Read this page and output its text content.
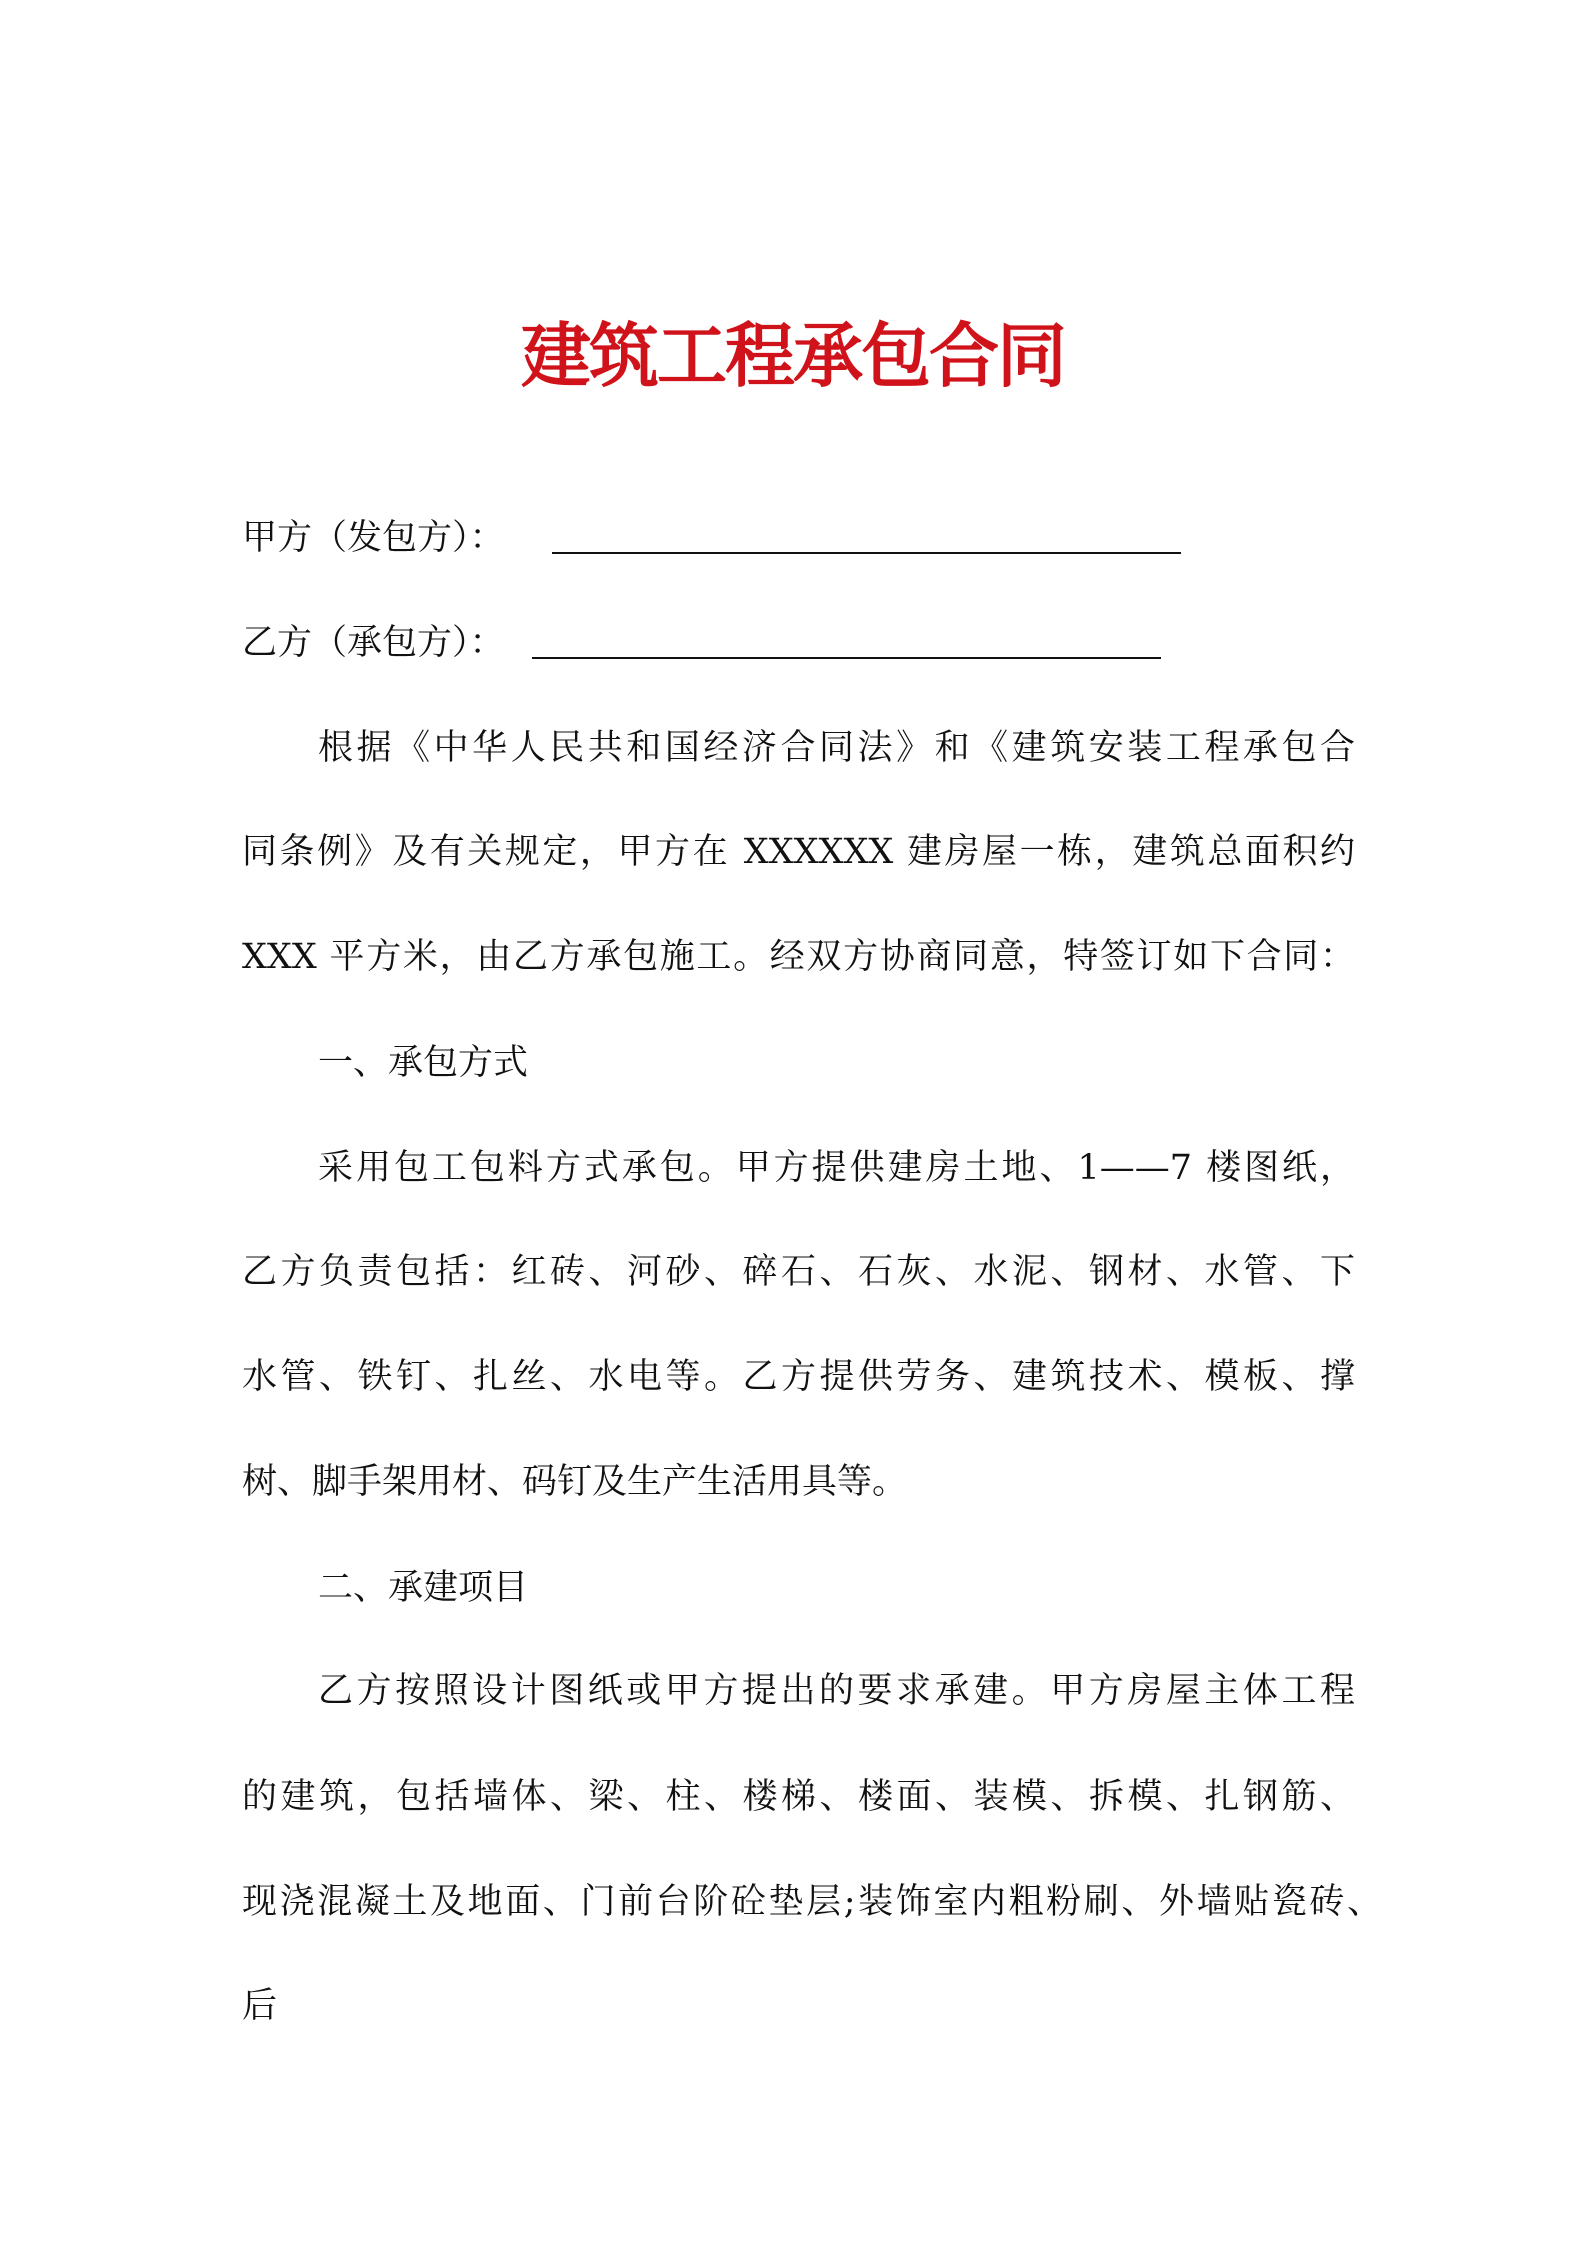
建筑工程承包合同
甲方（发包方）：
乙方（承包方）：
根据《中华人民共和国经济合同法》和《建筑安装工程承包合
同条例》及有关规定，甲方在 XXXXXX 建房屋一栋，建筑总面积约
XXX 平方米，由乙方承包施工。经双方协商同意，特签订如下合同：
一、承包方式
采用包工包料方式承包。甲方提供建房土地、1——7 楼图纸，
乙方负责包括：红砖、河砂、碎石、石灰、水泥、钢材、水管、下
水管、铁钉、扎丝、水电等。乙方提供劳务、建筑技术、模板、撑
树、脚手架用材、码钉及生产生活用具等。
二、承建项目
乙方按照设计图纸或甲方提出的要求承建。甲方房屋主体工程
的建筑，包括墙体、梁、柱、楼梯、楼面、装模、拆模、扎钢筋、
现浇混凝土及地面、门前台阶砼垫层;装饰室内粗粉刷、外墙贴瓷砖、
后
